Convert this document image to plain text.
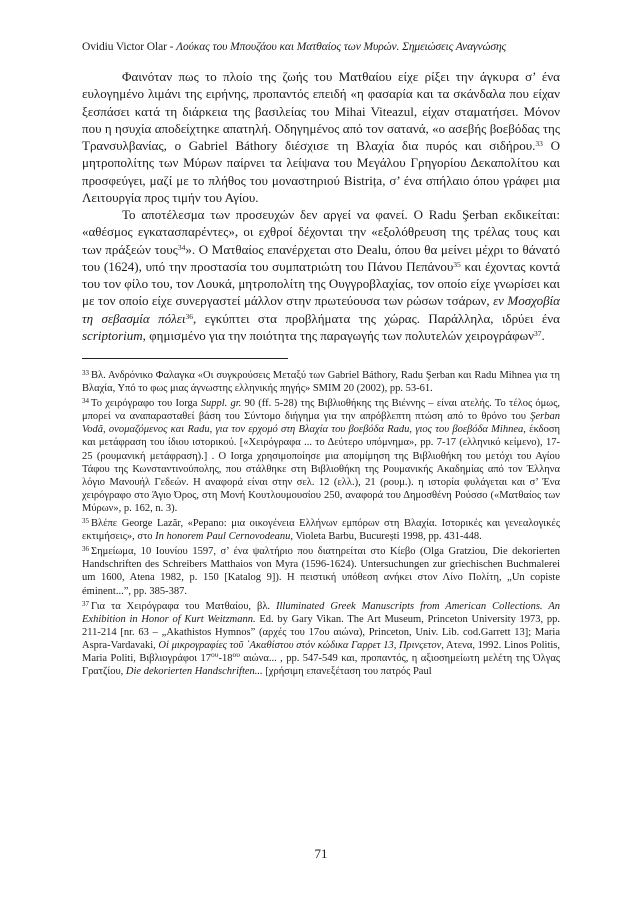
Ovidiu Victor Olar - Λούκας του Μπουζάου και Ματθαίος των Μυρών. Σημειώσεις Αναγνώσης

Φαινόταν πως το πλοίο της ζωής του Ματθαίου είχε ρίξει την άγκυρα σ’ ένα ευλογημένο λιμάνι της ειρήνης, προπαντός επειδή «η φασαρία και τα σκάνδαλα που είχαν ξεσπάσει κατά τη διάρκεια της βασιλείας του Mihai Viteazul, είχαν σταματήσει. Μόνον που η ησυχία αποδείχτηκε απατηλή. Οδηγημένος από τον σατανά, «ο ασεβής βοεβόδας της Τρανσυλβανίας, ο Gabriel Báthory διέσχισε τη Βλαχία δια πυρός και σιδήρου.$^{33}$ Ο μητροπολίτης των Μύρων παίρνει τα λείψανα του Μεγάλου Γρηγορίου Δεκαπολίτου και προσφεύγει, μαζί με το πλήθος του μοναστηριού Bistrița, σ’ ένα σπήλαιο όπου γράφει μια Λειτουργία προς τιμήν του Αγίου.

Το αποτέλεσμα των προσευχών δεν αργεί να φανεί. Ο Radu Şerban εκδικείται: «αθέσμος εγκατασπαρέντες», οι εχθροί δέχονται την «εξολόθρευση της τρέλας τους και των πράξεών τους$^{34}$». Ο Ματθαίος επανέρχεται στο Dealu, όπου θα μείνει μέχρι το θάνατό του (1624), υπό την προστασία του συμπατριώτη του Πάνου Πεπάνου$^{35}$ και έχοντας κοντά του τον φίλο του, τον Λουκά, μητροπολίτη της Ουγγροβλαχίας, τον οποίο είχε γνωρίσει και με τον οποίο είχε συνεργαστεί μάλλον στην πρωτεύουσα των ρώσων τσάρων, εν Μοσχοβία τη σεβασμία πόλει$^{36}$, εγκύπτει στα προβλήματα της χώρας. Παράλληλα, ιδρύει ένα scriptorium, φημισμένο για την ποιότητα της παραγωγής των πολυτελών χειρογράφων$^{37}$.

$^{33}$ Βλ. Ανδρόνικο Φαλαγκα «Οι συγκρούσεις Μεταξύ των Gabriel Báthory, Radu Şerban και Radu Mihnea για τη Βλαχία, Υπό το φως μιας άγνωστης ελληνικής πηγής» SMIM 20 (2002), pp. 53-61.
$^{34}$ Το χειρόγραφο του Iorga Suppl. gr. 90 (ff. 5-28) της Βιβλιοθήκης της Βιέννης – είναι ατελής. Το τέλος όμως, μπορεί να αναπαρασταθεί βάση του Σύντομο διήγημα για την απρόβλεπτη πτώση από το θρόνο του Şerban Vodă, ονομαζόμενος και Radu, για τον ερχομό στη Βλαχία του βοεβόδα Radu, γιος του βοεβόδα Mihnea, έκδοση και μετάφραση του ίδιου ιστορικού. [«Χειρόγραφα ... το Δεύτερο υπόμνημα», pp. 7-17 (ελληνικό κείμενο), 17-25 (ρουμανική μετάφραση).] . O Iorga χρησιμοποίησε μια απομίμηση της Βιβλιοθήκη του μετόχι του Αγίου Τάφου της Κωνσταντινούπολης, που στάλθηκε στη Βιβλιοθήκη της Ρουμανικής Ακαδημίας από τον Έλληνα λόγιο Μανουήλ Γεδεών. Η αναφορά είναι στην σελ. 12 (ελλ.), 21 (ρουμ.). η ιστορία φυλάγεται και σ’ Ένα χειρόγραφο στο Άγιο Όρος, στη Μονή Κουτλουμουσίου 250, αναφορά του Δημοσθένη Ρούσσο («Ματθαίος των Μύρων», p. 162, n. 3).
$^{35}$ Βλέπε George Lazăr, «Pepano: μια οικογένεια Ελλήνων εμπόρων στη Βλαχία. Ιστορικές και γενεαλογικές εκτιμήσεις», στο In honorem Paul Cernovodeanu, Violeta Barbu, București 1998, pp. 431-448.
$^{36}$ Σημείωμα, 10 Ιουνίου 1597, σ’ ένα ψαλτήριο που διατηρείται στο Κίεβο (Olga Gratziou, Die dekorierten Handschriften des Schreibers Matthaios von Myra (1596-1624). Untersuchungen zur griechischen Buchmalerei um 1600, Atena 1982, p. 150 [Katalog 9]). Η πειστική υπόθεση ανήκει στον Λίνο Πολίτη, „Un copiste éminent...”, pp. 385-387.
$^{37}$ Για τα Χειρόγραφα του Ματθαίου, βλ. Illuminated Greek Manuscripts from American Collections. An Exhibition in Honor of Kurt Weitzmann. Ed. by Gary Vikan. The Art Museum, Princeton University 1973, pp. 211-214 [nr. 63 – „Akathistos Hymnos” (αρχές του 17ου αιώνα), Princeton, Univ. Lib. cod.Garrett 13]; Maria Aspra-Vardavaki, Οἱ μικρογραφίες τοῦ ᾽Ακαθίστου στόν κώδικα Γαρρετ 13, Πρινςετον, Ατενα, 1992. Linos Politis, Maria Politi, Βιβλιογράφοι $17^{o\upsilon}-18^{o\upsilon}$ αιώνα... , pp. 547-549 και, προπαντός, η αξιοσημείωτη μελέτη της Όλγας Γρατζίου, Die dekorierten Handschriften... [χρήσιμη επανεξέταση του πατρός Paul
71
